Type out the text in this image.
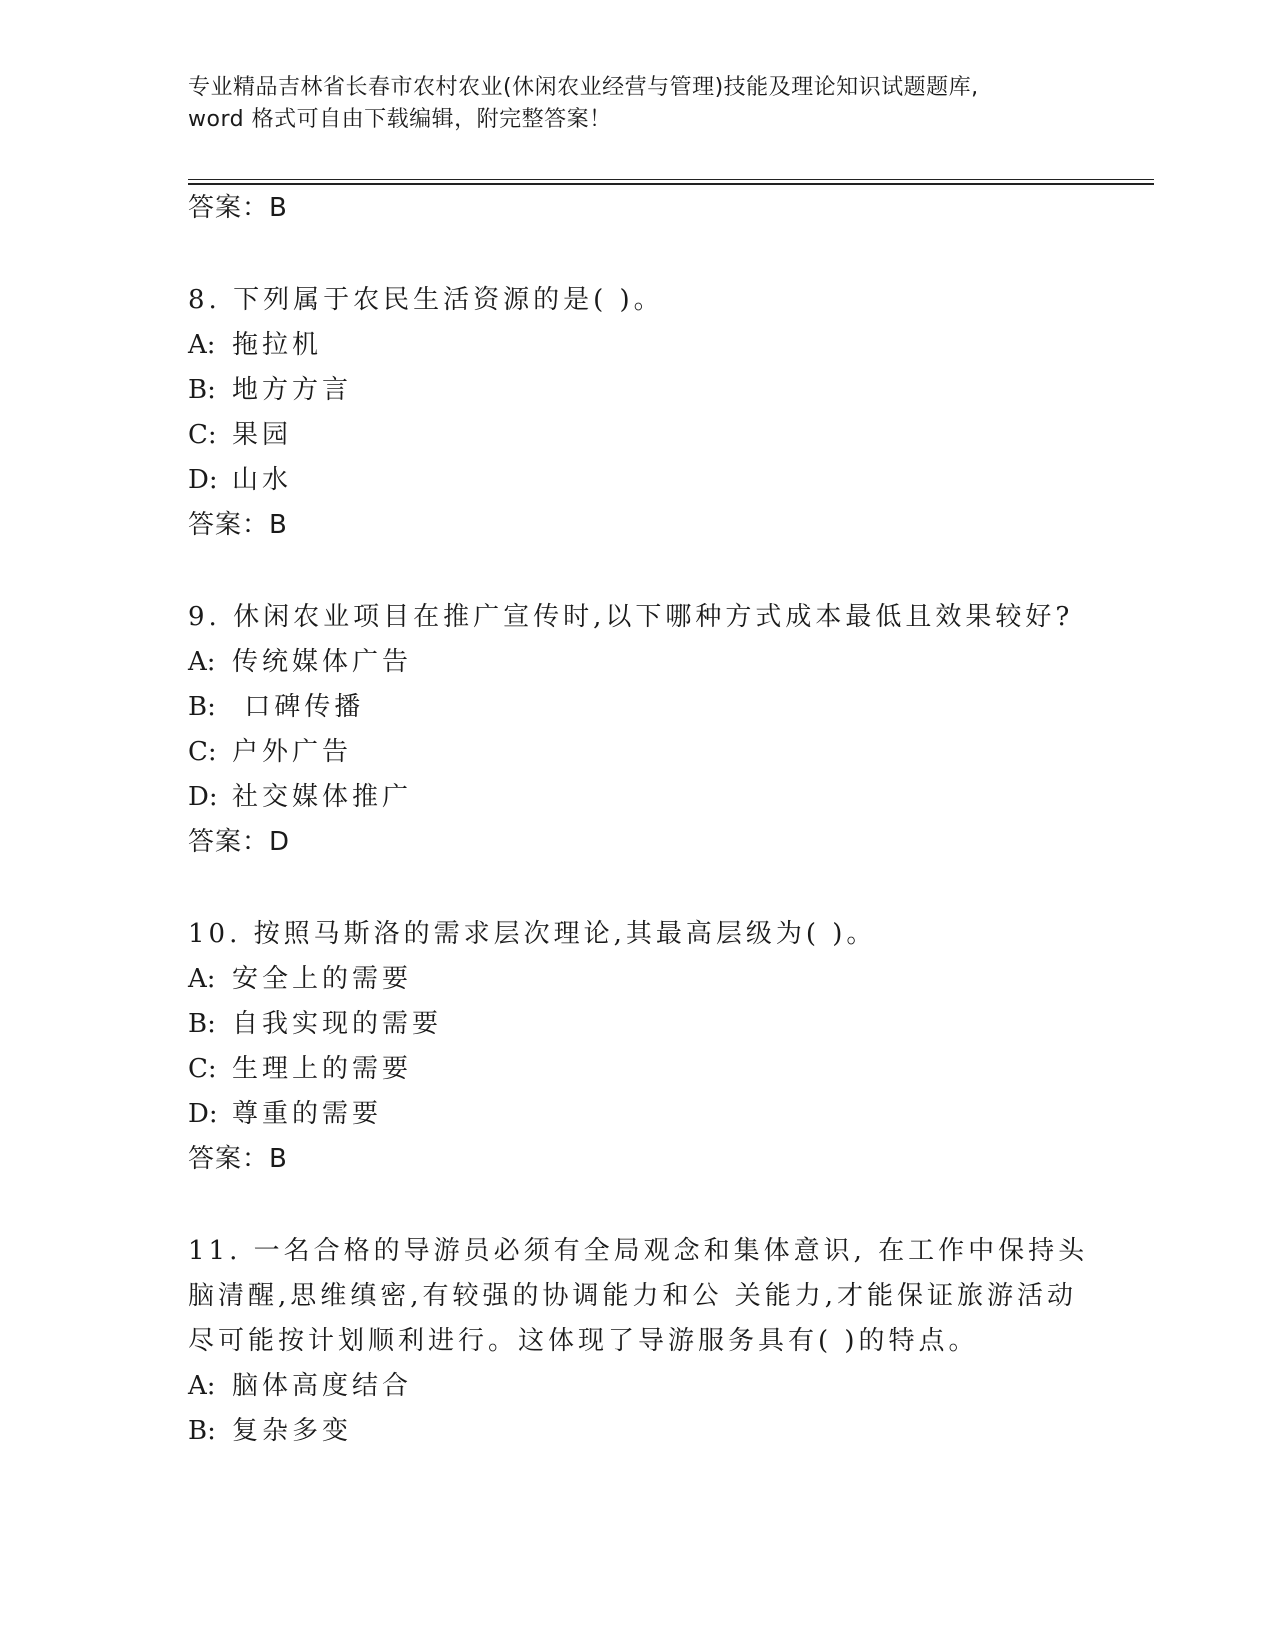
专业精品吉林省长春市农村农业(休闲农业经营与管理)技能及理论知识试题题库,
word 格式可自由下载编辑，附完整答案！
答案：B
8. 下列属于农民生活资源的是( )。
A: 拖拉机
B: 地方方言
C: 果园
D: 山水
答案：B
9. 休闲农业项目在推广宣传时,以下哪种方式成本最低且效果较好?
A: 传统媒体广告
B: 口碑传播
C: 户外广告
D: 社交媒体推广
答案：D
10. 按照马斯洛的需求层次理论,其最高层级为( )。
A: 安全上的需要
B: 自我实现的需要
C: 生理上的需要
D: 尊重的需要
答案：B
11. 一名合格的导游员必须有全局观念和集体意识, 在工作中保持头
脑清醒,思维缜密,有较强的协调能力和公 关能力,才能保证旅游活动
尽可能按计划顺利进行。这体现了导游服务具有( )的特点。
A: 脑体高度结合
B: 复杂多变
